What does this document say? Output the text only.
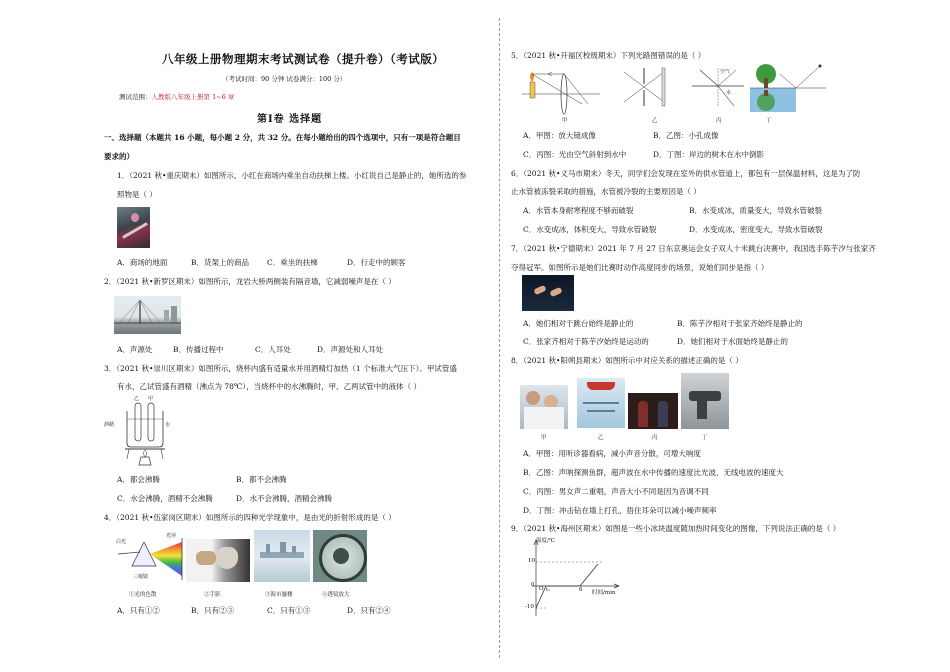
八年级上册物理期末考试测试卷（提升卷）（考试版）
（考试时间：90 分钟 试卷满分：100 分）
测试范围：人教版八年级上册第 1~6 章
第Ⅰ卷 选择题
一、选择题（本题共 16 小题，每小题 2 分，共 32 分。在每小题给出的四个选项中，只有一项是符合题目
要求的）
1．（2021 秋•重庆期末）如图所示，小红在商场内乘坐自动扶梯上楼。小红说自己是静止的，她所选的参
照物是（ ）
A．商场的地面	B．货架上的商品 C．乘坐的扶梯	D．行走中的顾客
2．（2021 秋•新罗区期末）如图所示，龙岩大桥两侧装有隔音墙，它减弱噪声是在（ ）
A．声源处	B．传播过程中	C．人耳处	D．声源处和人耳处
3．（2021 秋•崇川区期末）如图所示，烧杯内盛有适量水并用酒精灯加热（1 个标准大气压下）。甲试管盛
有水，乙试管盛有酒精（沸点为 78℃），当烧杯中的水沸腾时，甲、乙两试管中的液体（ ）
乙 甲
酒精	水
A．都会沸腾	B．都不会沸腾
C．水会沸腾，酒精不会沸腾	D．水不会沸腾，酒精会沸腾
4．（2021 秋•伍家岗区期末）如图所示的四种光学现象中，是由光的折射形成的是（ ）
白光
光屏
三棱镜
①光的色散	②手影	③海市蜃楼	④透镜放大
A．只有①②	B．只有②③	C．只有①③	D．只有②④
5．（2021 秋•开福区校级期末）下列光路图错误的是（ ）
空气
水
甲	乙	丙	丁
A．甲图：放大镜成像	B．乙图：小孔成像
C．丙图：光由空气斜射到水中	D．丁图：岸边的树木在水中倒影
6．（2021 秋•义马市期末）冬天，同学们会发现在室外的供水管道上，都包有一层保温材料，这是为了防
止水管被冻裂采取的措施，水管被冷裂的主要原因是（ ）
A．水管本身耐寒程度不够而破裂	B．水变成冰，质量变大，导致水管破裂
C．水变成冰，体积变大，导致水管破裂	D．水变成冰，密度变大，导致水管破裂
7．（2021 秋•宁德期末）2021 年 7 月 27 日东京奥运会女子双人十米跳台决赛中，我国选手陈芋汐与张家齐
夺得冠军。如图所示是她们比赛时动作高度同步的场景，说她们同步是指（ ）
A．她们相对于跳台始终是静止的	B．陈芋汐相对于张家齐始终是静止的
C．张家齐相对于陈芋汐始终是运动的	D．她们相对于水面始终是静止的
8．（2021 秋•阳朔县期末）如图所示中对应关系的描述正确的是（ ）
甲	乙	丙	丁
A．甲图：用听诊器看病，减小声音分散，可增大响度
B．乙图：声呐探测鱼群，超声波在水中传播的速度比光波、无线电波的速度大
C．丙图：男女声二重唱，声音大小不同是因为音调不同
D．丁图：冲击钻在墙上打孔，捂住耳朵可以减小噪声频率
9．（2021 秋•海州区期末）如图是一些小冰块温度随加热时间变化的图像，下列说法正确的是（ ）
温度/℃
10
0
-10
O t₁	6 时间/min
